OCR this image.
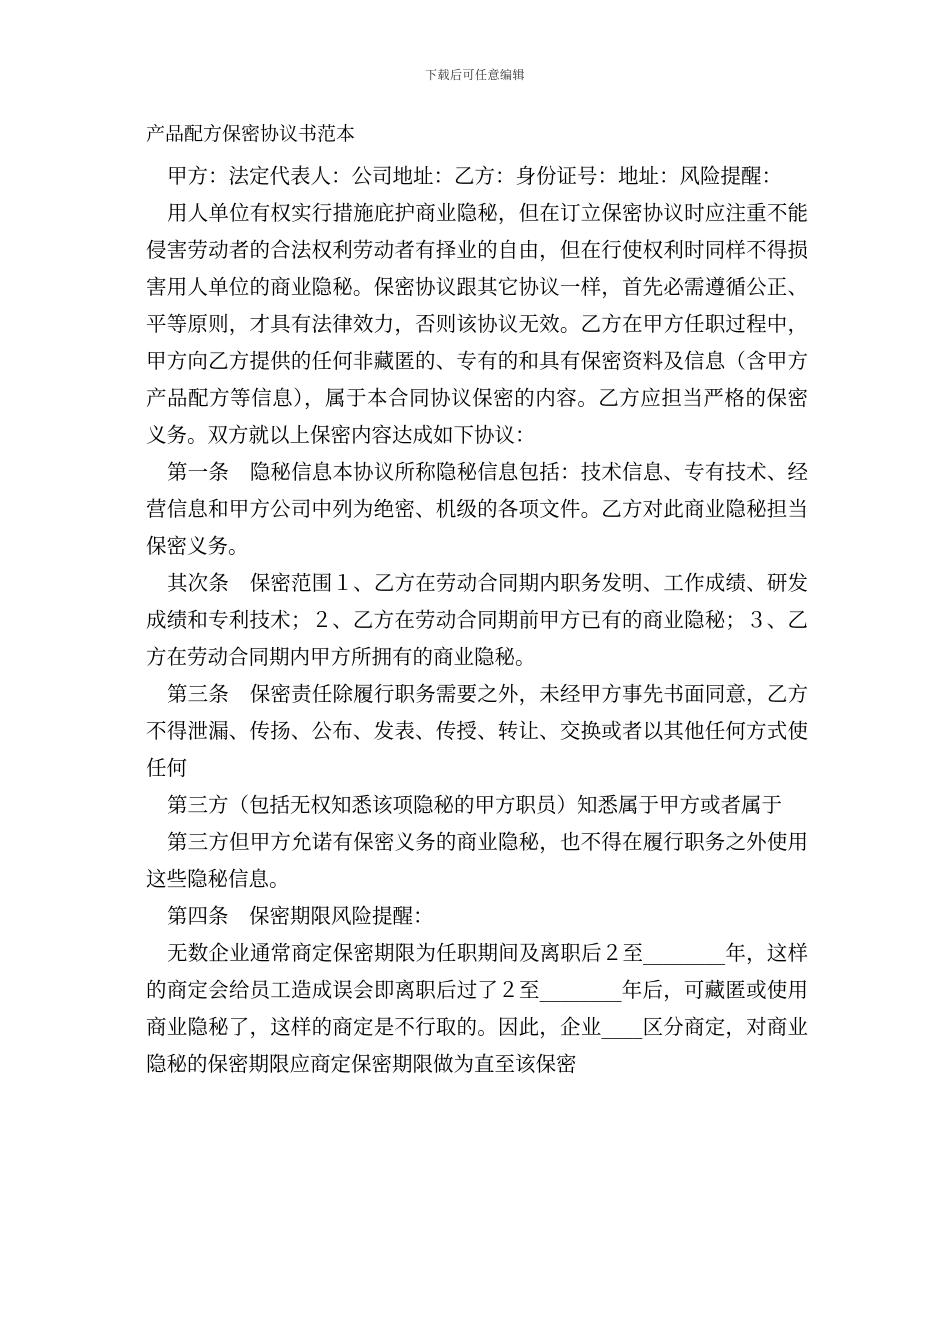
下载后可任意编辑
产品配方保密协议书范本

甲方：法定代表人：公司地址：乙方：身份证号：地址：风险提醒：

用人单位有权实行措施庇护商业隐秘，但在订立保密协议时应注重不能侵害劳动者的合法权利劳动者有择业的自由，但在行使权利时同样不得损害用人单位的商业隐秘。保密协议跟其它协议一样，首先必需遵循公正、平等原则，才具有法律效力，否则该协议无效。乙方在甲方任职过程中，甲方向乙方提供的任何非藏匿的、专有的和具有保密资料及信息（含甲方产品配方等信息），属于本合同协议保密的内容。乙方应担当严格的保密义务。双方就以上保密内容达成如下协议：

第一条　隐秘信息本协议所称隐秘信息包括：技术信息、专有技术、经营信息和甲方公司中列为绝密、机级的各项文件。乙方对此商业隐秘担当保密义务。

其次条　保密范围１、乙方在劳动合同期内职务发明、工作成绩、研发成绩和专利技术；２、乙方在劳动合同期前甲方已有的商业隐秘；３、乙方在劳动合同期内甲方所拥有的商业隐秘。

第三条　保密责任除履行职务需要之外，未经甲方事先书面同意，乙方不得泄漏、传扬、公布、发表、传授、转让、交换或者以其他任何方式使任何

第三方（包括无权知悉该项隐秘的甲方职员）知悉属于甲方或者属于

第三方但甲方允诺有保密义务的商业隐秘，也不得在履行职务之外使用这些隐秘信息。

第四条　保密期限风险提醒：

无数企业通常商定保密期限为任职期间及离职后２至________年，这样的商定会给员工造成误会即离职后过了２至________年后，可藏匿或使用商业隐秘了，这样的商定是不行取的。因此，企业____区分商定，对商业隐秘的保密期限应商定保密期限做为直至该保密
